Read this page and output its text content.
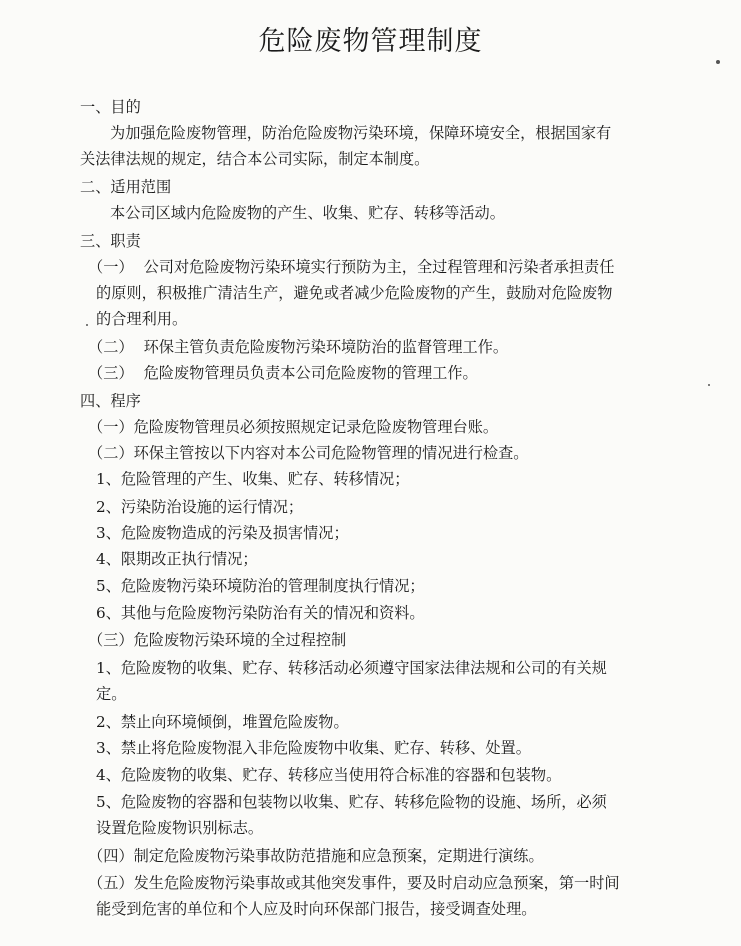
危险废物管理制度
一、目的
为加强危险废物管理，防治危险废物污染环境，保障环境安全，根据国家有
关法律法规的规定，结合本公司实际，制定本制度。
二、适用范围
本公司区域内危险废物的产生、收集、贮存、转移等活动。
三、职责
（一） 公司对危险废物污染环境实行预防为主，全过程管理和污染者承担责任
的原则，积极推广清洁生产，避免或者减少危险废物的产生，鼓励对危险废物
的合理利用。
（二） 环保主管负责危险废物污染环境防治的监督管理工作。
（三） 危险废物管理员负责本公司危险废物的管理工作。
四、程序
（一）危险废物管理员必须按照规定记录危险废物管理台账。
（二）环保主管按以下内容对本公司危险物管理的情况进行检查。
1、危险管理的产生、收集、贮存、转移情况；
2、污染防治设施的运行情况；
3、危险废物造成的污染及损害情况；
4、限期改正执行情况；
5、危险废物污染环境防治的管理制度执行情况；
6、其他与危险废物污染防治有关的情况和资料。
（三）危险废物污染环境的全过程控制
1、危险废物的收集、贮存、转移活动必须遵守国家法律法规和公司的有关规
定。
2、禁止向环境倾倒，堆置危险废物。
3、禁止将危险废物混入非危险废物中收集、贮存、转移、处置。
4、危险废物的收集、贮存、转移应当使用符合标准的容器和包装物。
5、危险废物的容器和包装物以收集、贮存、转移危险物的设施、场所，必须
设置危险废物识别标志。
（四）制定危险废物污染事故防范措施和应急预案，定期进行演练。
（五）发生危险废物污染事故或其他突发事件，要及时启动应急预案，第一时间
能受到危害的单位和个人应及时向环保部门报告，接受调查处理。
